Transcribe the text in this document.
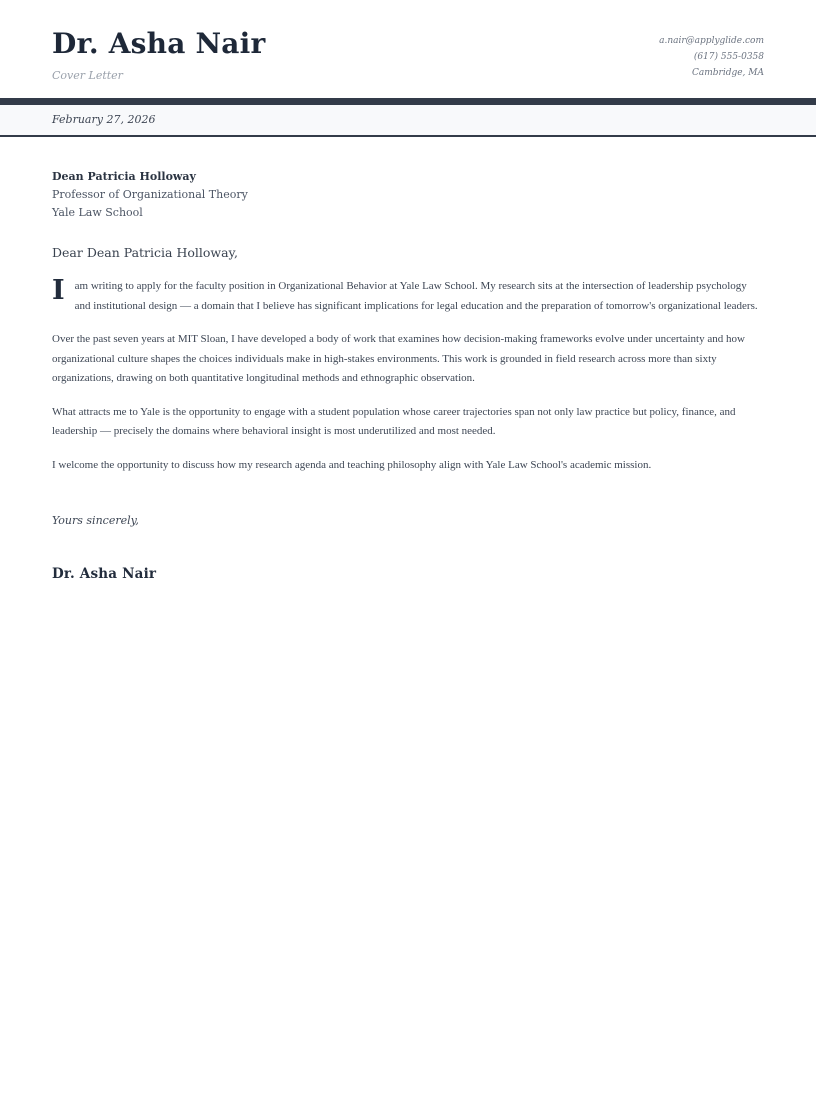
Dr. Asha Nair
Cover Letter
a.nair@applyglide.com
(617) 555-0358
Cambridge, MA
February 27, 2026

Dean Patricia Holloway

Professor of Organizational Theory

Yale Law School

Dear Dean Patricia Holloway,

Iam writing to apply for the faculty position in Organizational Behavior at Yale Law School. My research sits at the intersection of leadership psychology and institutional design — a domain that I believe has significant implications for legal education and the preparation of tomorrow's organizational leaders.

Over the past seven years at MIT Sloan, I have developed a body of work that examines how decision-making frameworks evolve under uncertainty and how organizational culture shapes the choices individuals make in high-stakes environments. This work is grounded in field research across more than sixty organizations, drawing on both quantitative longitudinal methods and ethnographic observation.

What attracts me to Yale is the opportunity to engage with a student population whose career trajectories span not only law practice but policy, finance, and leadership — precisely the domains where behavioral insight is most underutilized and most needed.

I welcome the opportunity to discuss how my research agenda and teaching philosophy align with Yale Law School's academic mission.

Yours sincerely,
Dr. Asha Nair
